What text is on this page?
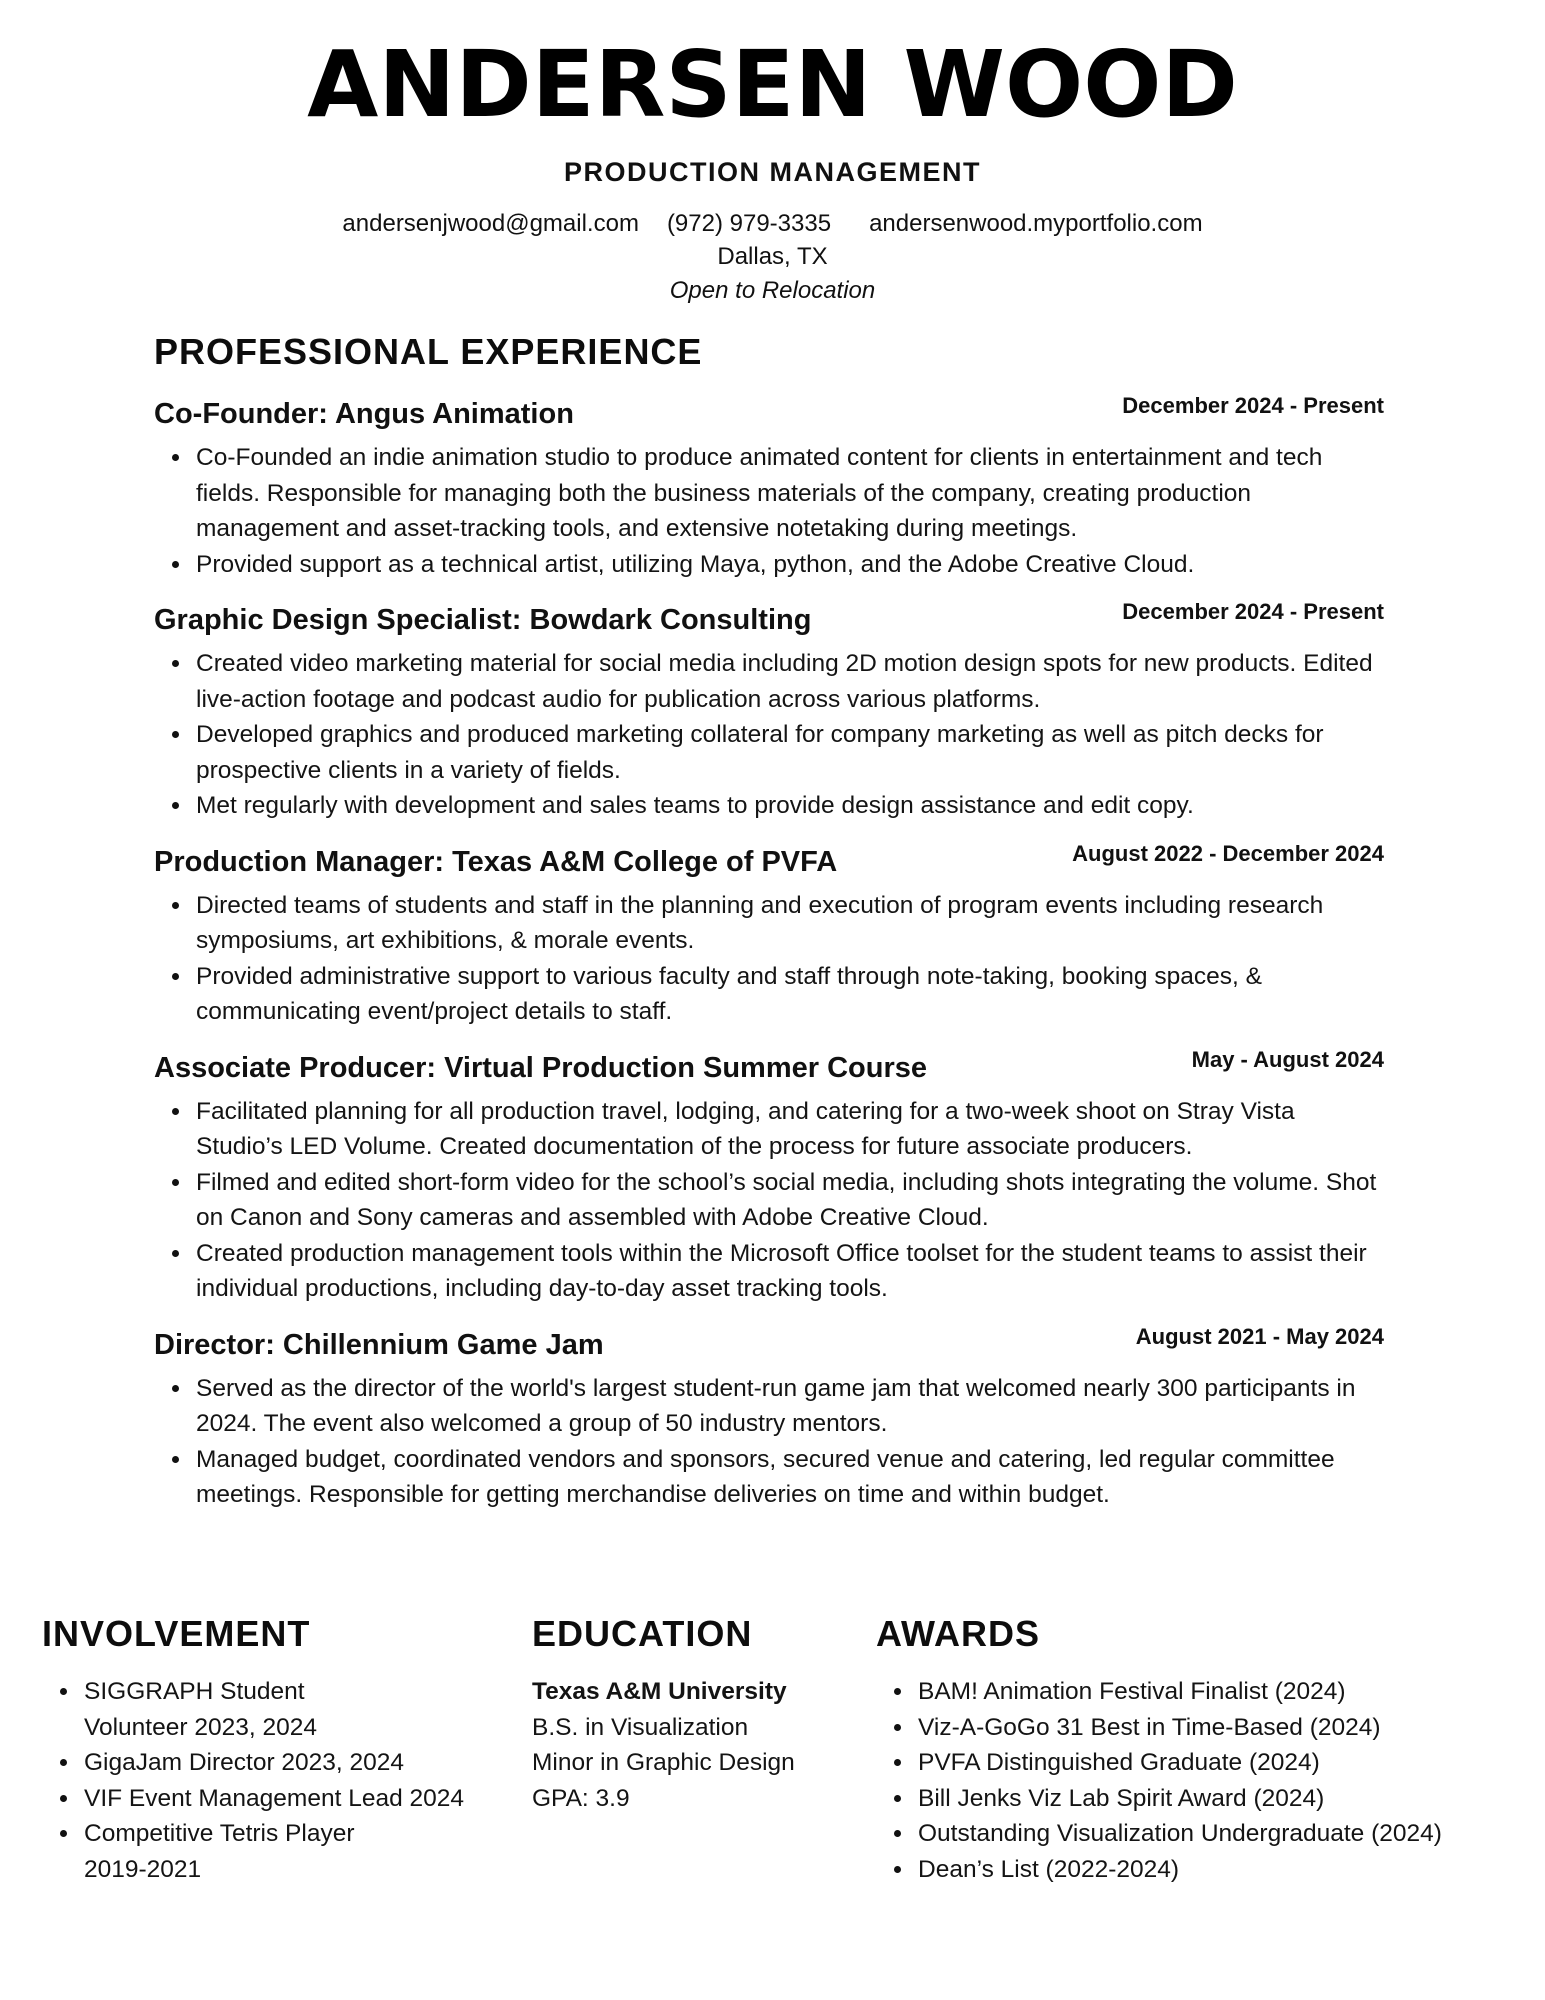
ANDERSEN WOOD
PRODUCTION MANAGEMENT
andersenjwood@gmail.com (972) 979-3335 andersenwood.myportfolio.com
Dallas, TX
Open to Relocation
PROFESSIONAL EXPERIENCE
Co-Founder: Angus Animation	December 2024 - Present
Co-Founded an indie animation studio to produce animated content for clients in entertainment and tech fields. Responsible for managing both the business materials of the company, creating production management and asset-tracking tools, and extensive notetaking during meetings.
Provided support as a technical artist, utilizing Maya, python, and the Adobe Creative Cloud.
Graphic Design Specialist: Bowdark Consulting	December 2024 - Present
Created video marketing material for social media including 2D motion design spots for new products. Edited live-action footage and podcast audio for publication across various platforms.
Developed graphics and produced marketing collateral for company marketing as well as pitch decks for prospective clients in a variety of fields.
Met regularly with development and sales teams to provide design assistance and edit copy.
Production Manager: Texas A&M College of PVFA	August 2022 - December 2024
Directed teams of students and staff in the planning and execution of program events including research symposiums, art exhibitions, & morale events.
Provided administrative support to various faculty and staff through note-taking, booking spaces, & communicating event/project details to staff.
Associate Producer: Virtual Production Summer Course	May - August 2024
Facilitated planning for all production travel, lodging, and catering for a two-week shoot on Stray Vista Studio’s LED Volume. Created documentation of the process for future associate producers.
Filmed and edited short-form video for the school’s social media, including shots integrating the volume. Shot on Canon and Sony cameras and assembled with Adobe Creative Cloud.
Created production management tools within the Microsoft Office toolset for the student teams to assist their individual productions, including day-to-day asset tracking tools.
Director: Chillennium Game Jam	August 2021 - May 2024
Served as the director of the world's largest student-run game jam that welcomed nearly 300 participants in 2024. The event also welcomed a group of 50 industry mentors.
Managed budget, coordinated vendors and sponsors, secured venue and catering, led regular committee meetings. Responsible for getting merchandise deliveries on time and within budget.
INVOLVEMENT
SIGGRAPH Student Volunteer 2023, 2024
GigaJam Director 2023, 2024
VIF Event Management Lead 2024
Competitive Tetris Player 2019-2021
EDUCATION
Texas A&M University
B.S. in Visualization
Minor in Graphic Design
GPA: 3.9
AWARDS
BAM! Animation Festival Finalist (2024)
Viz-A-GoGo 31 Best in Time-Based (2024)
PVFA Distinguished Graduate (2024)
Bill Jenks Viz Lab Spirit Award (2024)
Outstanding Visualization Undergraduate (2024)
Dean’s List (2022-2024)
